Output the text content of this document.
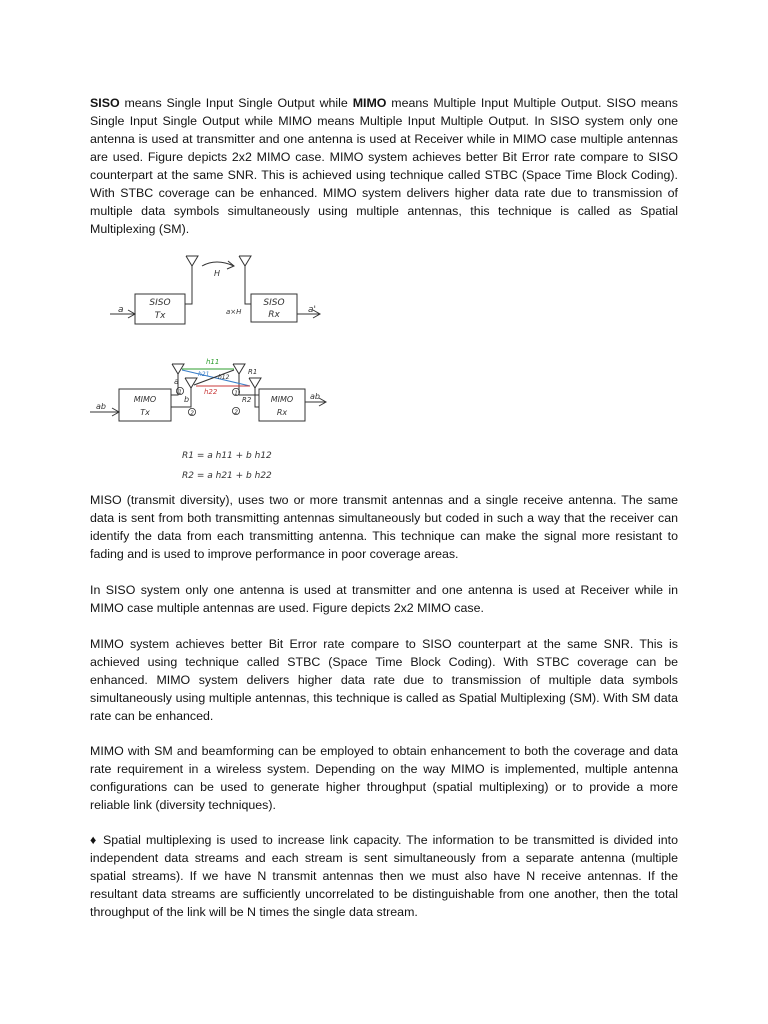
SISO means Single Input Single Output while MIMO means Multiple Input Multiple Output. SISO means Single Input Single Output while MIMO means Multiple Input Multiple Output. In SISO system only one antenna is used at transmitter and one antenna is used at Receiver while in MIMO case multiple antennas are used. Figure depicts 2x2 MIMO case. MIMO system achieves better Bit Error rate compare to SISO counterpart at the same SNR. This is achieved using technique called STBC (Space Time Block Coding). With STBC coverage can be enhanced. MIMO system delivers higher data rate due to transmission of multiple data symbols simultaneously using multiple antennas, this technique is called as Spatial Multiplexing (SM).

SISO
Tx
SISO
Rx
a	a'
H
a×H
h11
h21 h12
h22
R1
R2
a
b
1
2
1
2
MIMO
Tx
MIMO
Rx
ab
ab
R1 = a h11 + b h12
R2 = a h21 + b h22

MISO (transmit diversity), uses two or more transmit antennas and a single receive antenna. The same data is sent from both transmitting antennas simultaneously but coded in such a way that the receiver can identify the data from each transmitting antenna. This technique can make the signal more resistant to fading and is used to improve performance in poor coverage areas.

In SISO system only one antenna is used at transmitter and one antenna is used at Receiver while in MIMO case multiple antennas are used. Figure depicts 2x2 MIMO case.

MIMO system achieves better Bit Error rate compare to SISO counterpart at the same SNR. This is achieved using technique called STBC (Space Time Block Coding). With STBC coverage can be enhanced. MIMO system delivers higher data rate due to transmission of multiple data symbols simultaneously using multiple antennas, this technique is called as Spatial Multiplexing (SM). With SM data rate can be enhanced.

MIMO with SM and beamforming can be employed to obtain enhancement to both the coverage and data rate requirement in a wireless system. Depending on the way MIMO is implemented, multiple antenna configurations can be used to generate higher throughput (spatial multiplexing) or to provide a more reliable link (diversity techniques).

♦ Spatial multiplexing is used to increase link capacity. The information to be transmitted is divided into independent data streams and each stream is sent simultaneously from a separate antenna (multiple spatial streams). If we have N transmit antennas then we must also have N receive antennas. If the resultant data streams are sufficiently uncorrelated to be distinguishable from one another, then the total throughput of the link will be N times the single data stream.
